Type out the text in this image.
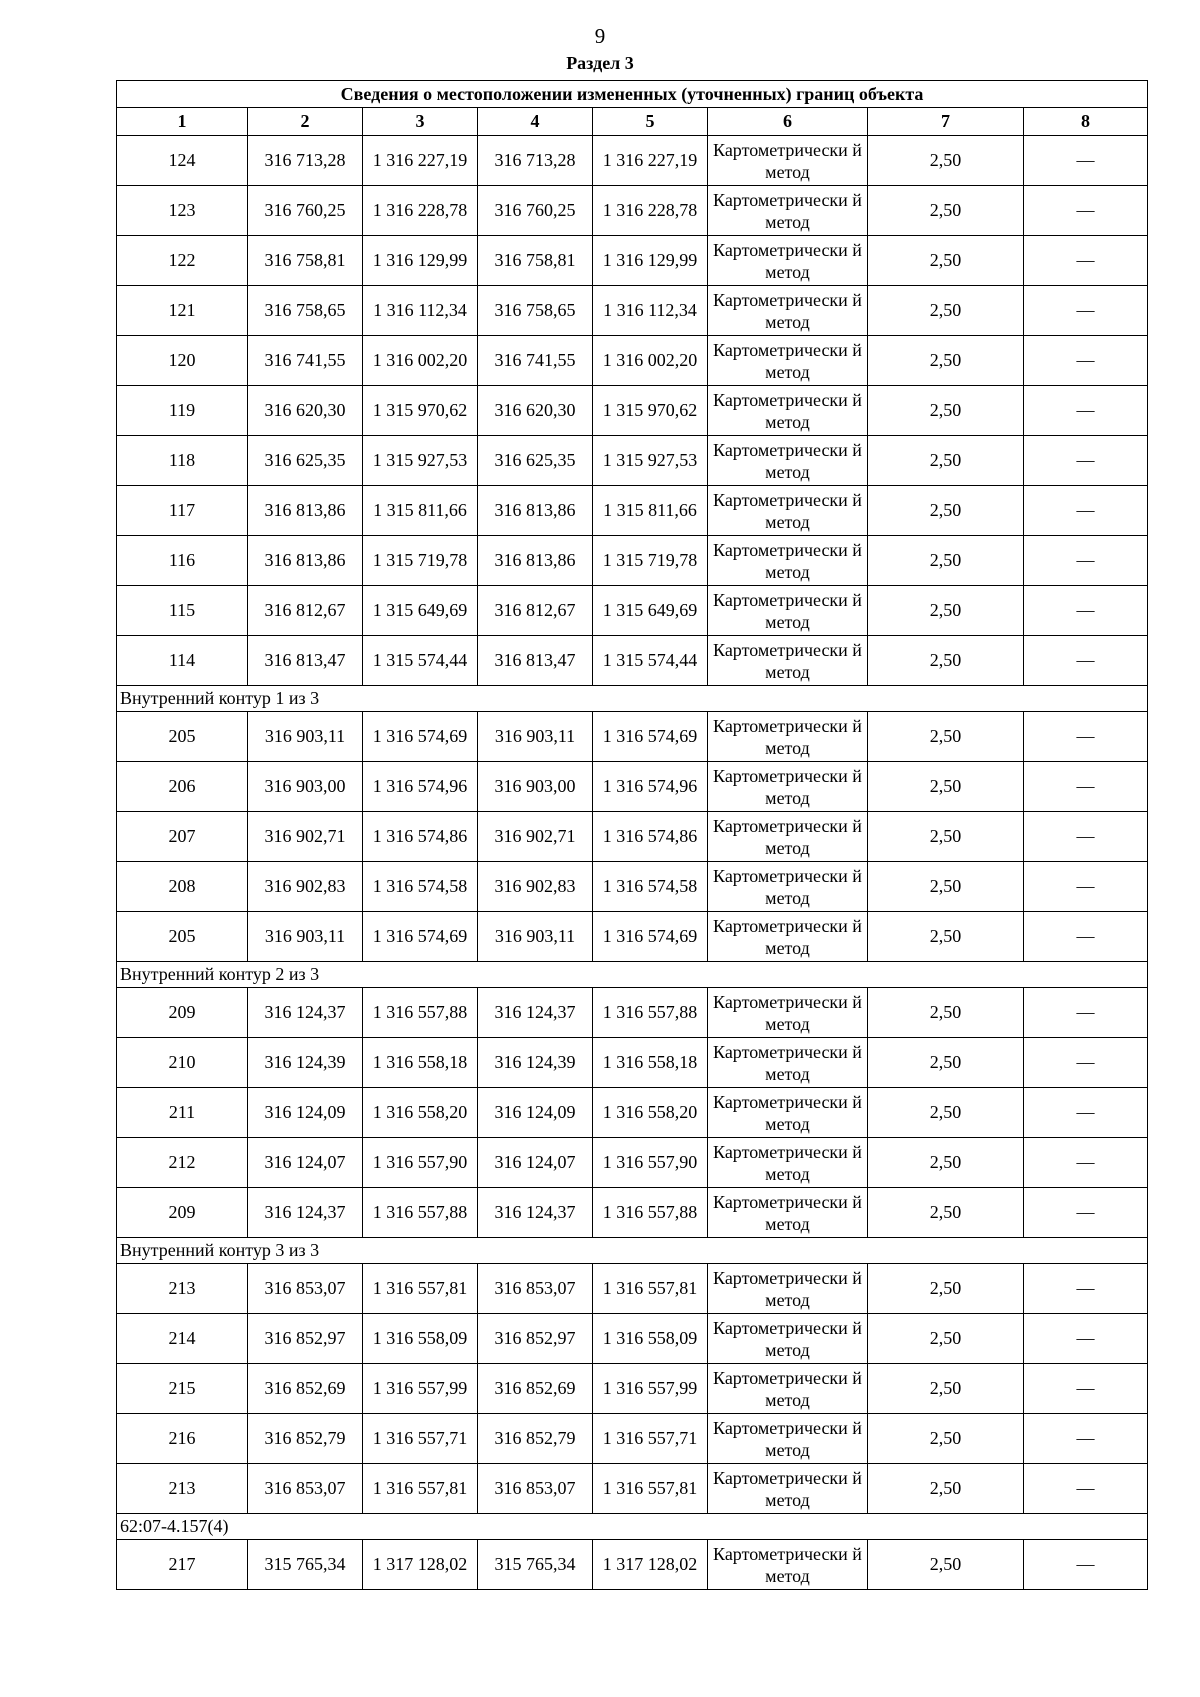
9
Раздел 3
Сведения о местоположении измененных (уточненных) границ объекта							
1	2	3	4	5	6	7	8
124	316 713,28	1 316 227,19	316 713,28	1 316 227,19	Картометрически й метод	2,50	—
123	316 760,25	1 316 228,78	316 760,25	1 316 228,78	Картометрически й метод	2,50	—
122	316 758,81	1 316 129,99	316 758,81	1 316 129,99	Картометрически й метод	2,50	—
121	316 758,65	1 316 112,34	316 758,65	1 316 112,34	Картометрически й метод	2,50	—
120	316 741,55	1 316 002,20	316 741,55	1 316 002,20	Картометрически й метод	2,50	—
119	316 620,30	1 315 970,62	316 620,30	1 315 970,62	Картометрически й метод	2,50	—
118	316 625,35	1 315 927,53	316 625,35	1 315 927,53	Картометрически й метод	2,50	—
117	316 813,86	1 315 811,66	316 813,86	1 315 811,66	Картометрически й метод	2,50	—
116	316 813,86	1 315 719,78	316 813,86	1 315 719,78	Картометрически й метод	2,50	—
115	316 812,67	1 315 649,69	316 812,67	1 315 649,69	Картометрически й метод	2,50	—
114	316 813,47	1 315 574,44	316 813,47	1 315 574,44	Картометрически й метод	2,50	—
Внутренний контур 1 из 3							
205	316 903,11	1 316 574,69	316 903,11	1 316 574,69	Картометрически й метод	2,50	—
206	316 903,00	1 316 574,96	316 903,00	1 316 574,96	Картометрически й метод	2,50	—
207	316 902,71	1 316 574,86	316 902,71	1 316 574,86	Картометрически й метод	2,50	—
208	316 902,83	1 316 574,58	316 902,83	1 316 574,58	Картометрически й метод	2,50	—
205	316 903,11	1 316 574,69	316 903,11	1 316 574,69	Картометрически й метод	2,50	—
Внутренний контур 2 из 3							
209	316 124,37	1 316 557,88	316 124,37	1 316 557,88	Картометрически й метод	2,50	—
210	316 124,39	1 316 558,18	316 124,39	1 316 558,18	Картометрически й метод	2,50	—
211	316 124,09	1 316 558,20	316 124,09	1 316 558,20	Картометрически й метод	2,50	—
212	316 124,07	1 316 557,90	316 124,07	1 316 557,90	Картометрически й метод	2,50	—
209	316 124,37	1 316 557,88	316 124,37	1 316 557,88	Картометрически й метод	2,50	—
Внутренний контур 3 из 3							
213	316 853,07	1 316 557,81	316 853,07	1 316 557,81	Картометрически й метод	2,50	—
214	316 852,97	1 316 558,09	316 852,97	1 316 558,09	Картометрически й метод	2,50	—
215	316 852,69	1 316 557,99	316 852,69	1 316 557,99	Картометрически й метод	2,50	—
216	316 852,79	1 316 557,71	316 852,79	1 316 557,71	Картометрически й метод	2,50	—
213	316 853,07	1 316 557,81	316 853,07	1 316 557,81	Картометрически й метод	2,50	—
62:07-4.157(4)							
217	315 765,34	1 317 128,02	315 765,34	1 317 128,02	Картометрически й метод	2,50	—
